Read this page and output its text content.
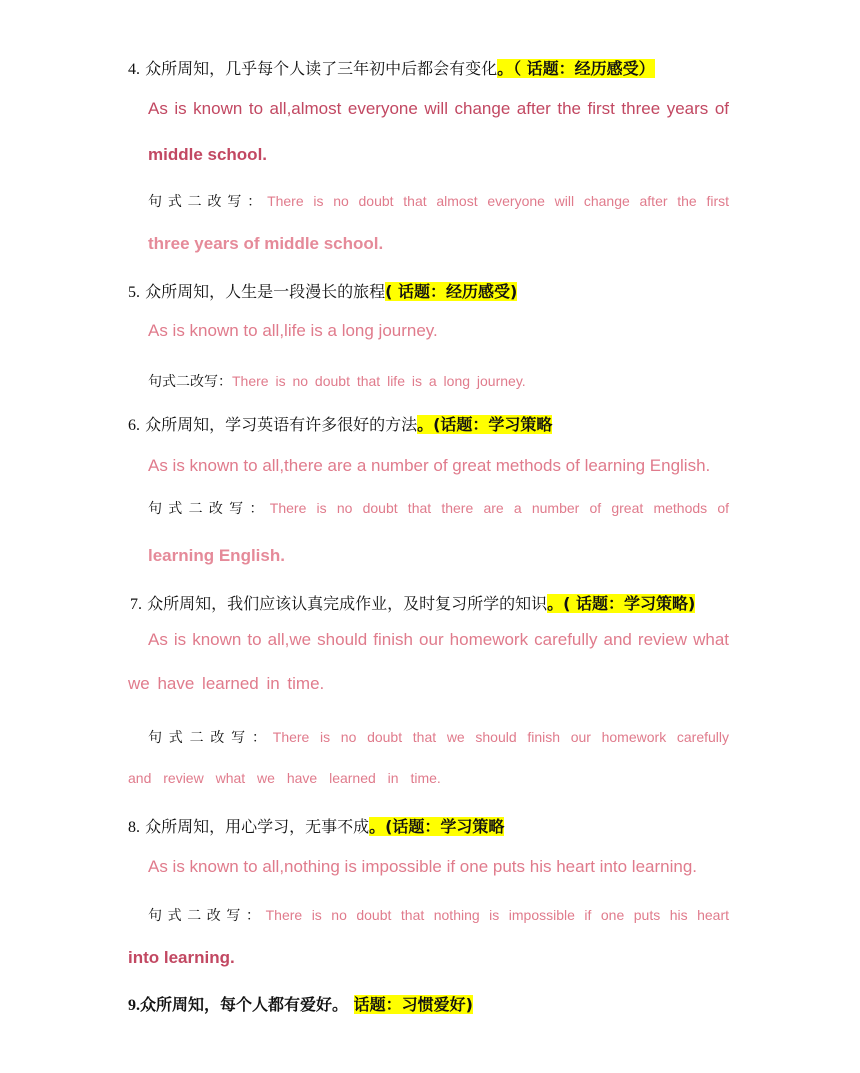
4. 众所周知，几乎每个人读了三年初中后都会有变化。（ 话题：经历感受）
As is known to all,almost everyone will change after the first three years of
middle school.
句式二改写：There is no doubt that almost everyone will change after the first
three years of middle school.
5. 众所周知，人生是一段漫长的旅程( 话题：经历感受)
As is known to all,life is a long journey.
句式二改写：There is no doubt that life is a long journey.
6. 众所周知，学习英语有许多很好的方法。(话题：学习策略
As is known to all,there are a number of great methods of learning English.
句式二改写：There is no doubt that there are a number of great methods of
learning English.
7. 众所周知，我们应该认真完成作业，及时复习所学的知识。( 话题：学习策略)
As is known to all,we should finish our homework carefully and review what
we have learned in time.
句式二改写：There is no doubt that we should finish our homework carefully
and review what we have learned in time.
8. 众所周知，用心学习，无事不成。(话题：学习策略
As is known to all,nothing is impossible if one puts his heart into learning.
句式二改写：There is no doubt that nothing is impossible if one puts his heart
into learning.
9.众所周知，每个人都有爱好。 话题：习惯爱好)
